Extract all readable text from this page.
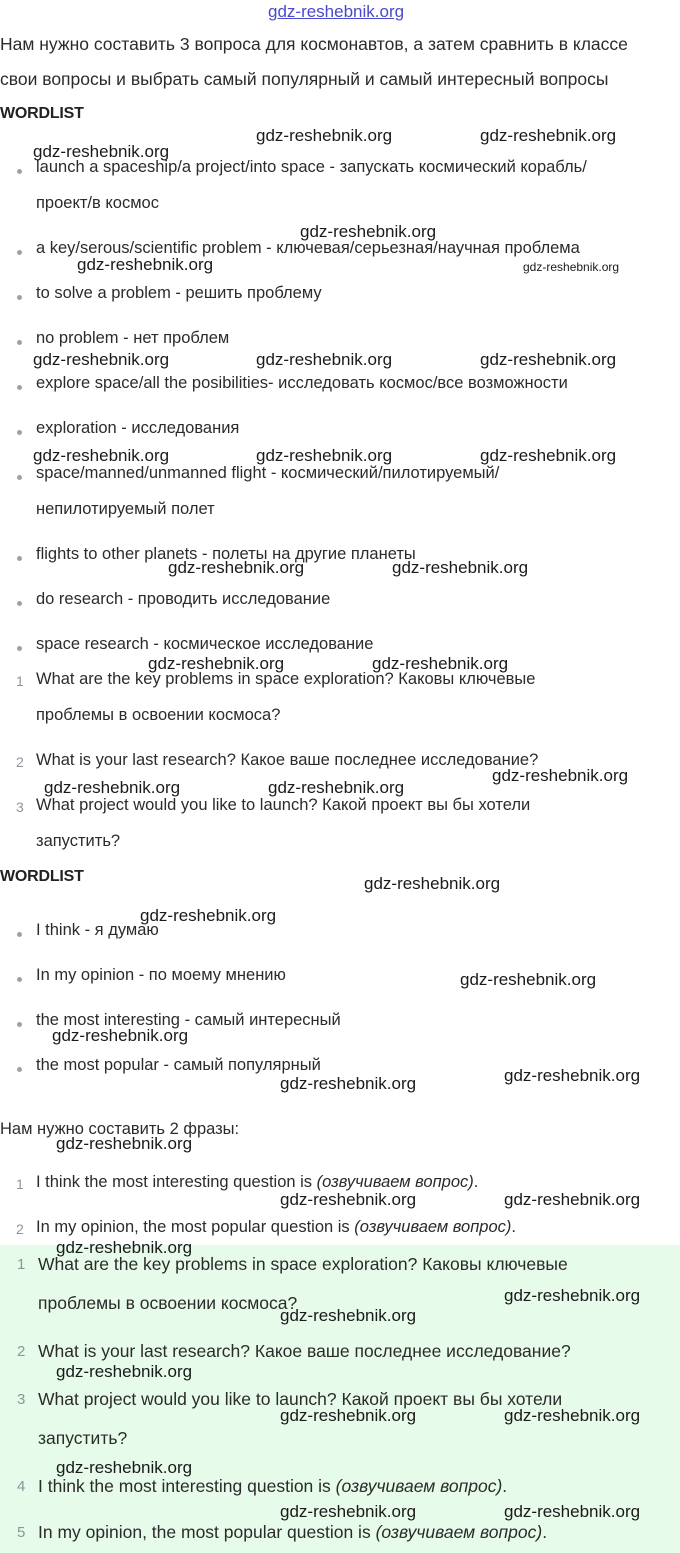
gdz-reshebnik.org
Нам нужно составить 3 вопроса для космонавтов, а затем сравнить в классе
свои вопросы и выбрать самый популярный и самый интересный вопросы
WORDLIST
launch a spaceship/a project/into space - запускать космический корабль/
проект/в космос
a key/serous/scientific problem - ключевая/серьезная/научная проблема
to solve a problem - решить проблему
no problem - нет проблем
explore space/all the posibilities- исследовать космос/все возможности
exploration - исследования
space/manned/unmanned flight - космический/пилотируемый/
непилотируемый полет
flights to other planets - полеты на другие планеты
do research - проводить исследование
space research - космическое исследование
1 What are the key problems in space exploration? Каковы ключевые
проблемы в освоении космоса?
2 What is your last research? Какое ваше последнее исследование?
3 What project would you like to launch? Какой проект вы бы хотели
запустить?
WORDLIST
I think - я думаю
In my opinion - по моему мнению
the most interesting - самый интересный
the most popular - самый популярный
Нам нужно составить 2 фразы:
1 I think the most interesting question is (озвучиваем вопрос).
2 In my opinion, the most popular question is (озвучиваем вопрос).
1 What are the key problems in space exploration? Каковы ключевые
проблемы в освоении космоса?
2 What is your last research? Какое ваше последнее исследование?
3 What project would you like to launch? Какой проект вы бы хотели
запустить?
4 I think the most interesting question is (озвучиваем вопрос).
5 In my opinion, the most popular question is (озвучиваем вопрос).
gdz-reshebnik.org	gdz-reshebnik.org
gdz-reshebnik.org
gdz-reshebnik.org
gdz-reshebnik.org	gdz-reshebnik.org
gdz-reshebnik.org	gdz-reshebnik.org	gdz-reshebnik.org
gdz-reshebnik.org	gdz-reshebnik.org	gdz-reshebnik.org
gdz-reshebnik.org	gdz-reshebnik.org
gdz-reshebnik.org	gdz-reshebnik.org
gdz-reshebnik.org
gdz-reshebnik.org	gdz-reshebnik.org
gdz-reshebnik.org
gdz-reshebnik.org
gdz-reshebnik.org
gdz-reshebnik.org
gdz-reshebnik.org
gdz-reshebnik.org
gdz-reshebnik.org
gdz-reshebnik.org	gdz-reshebnik.org
gdz-reshebnik.org
gdz-reshebnik.org
gdz-reshebnik.org
gdz-reshebnik.org
gdz-reshebnik.org	gdz-reshebnik.org
gdz-reshebnik.org
gdz-reshebnik.org	gdz-reshebnik.org
